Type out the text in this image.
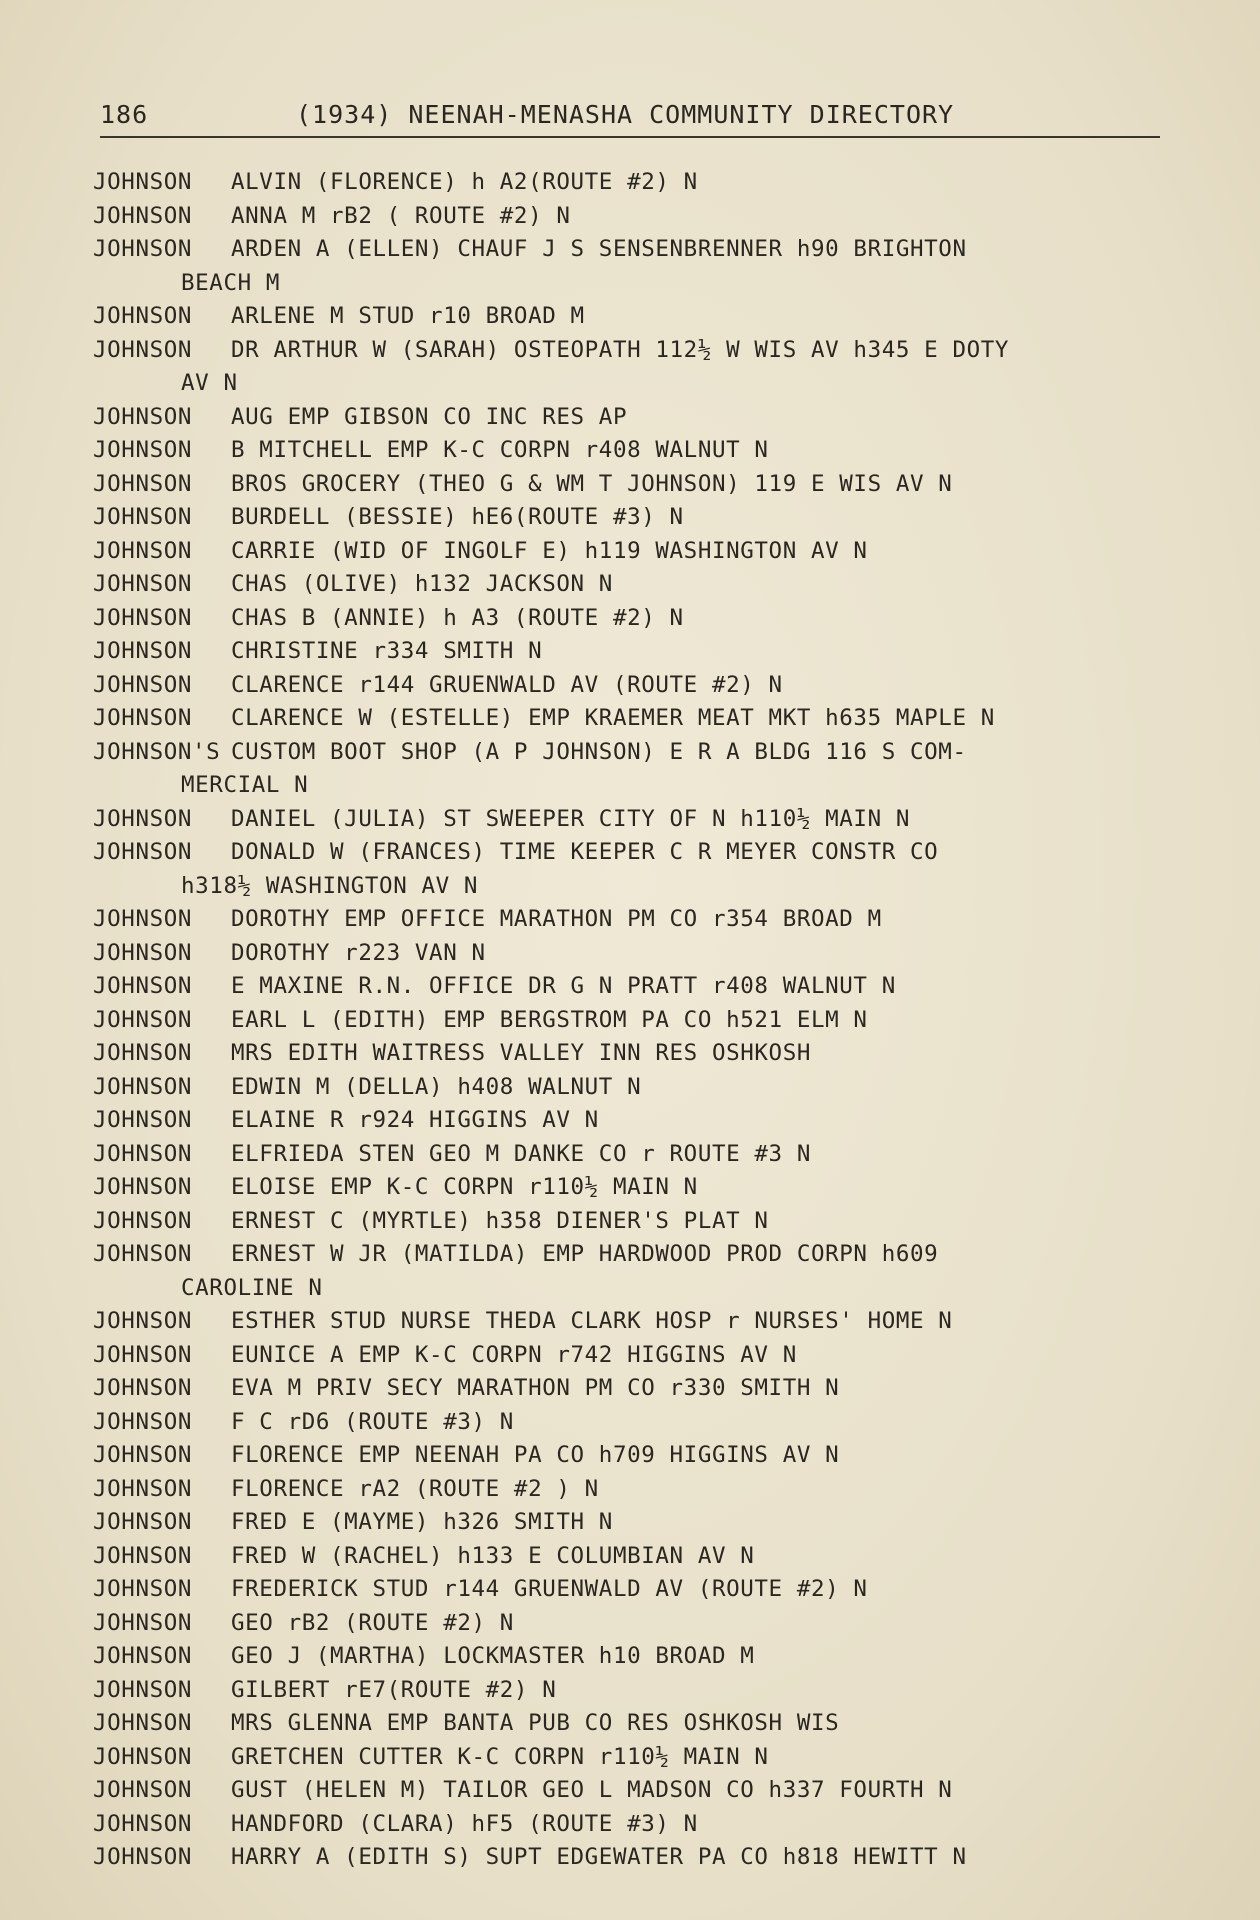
186	(1934) NEENAH-MENASHA COMMUNITY DIRECTORY
JOHNSON ALVIN (FLORENCE) h A2(ROUTE #2) N
JOHNSON ANNA M rB2 ( ROUTE #2) N
JOHNSON ARDEN A (ELLEN) CHAUF J S SENSENBRENNER h90 BRIGHTON
BEACH M
JOHNSON ARLENE M STUD r10 BROAD M
JOHNSON DR ARTHUR W (SARAH) OSTEOPATH 112½ W WIS AV h345 E DOTY
AV N
JOHNSON AUG EMP GIBSON CO INC RES AP
JOHNSON B MITCHELL EMP K-C CORPN r408 WALNUT N
JOHNSON BROS GROCERY (THEO G & WM T JOHNSON) 119 E WIS AV N
JOHNSON BURDELL (BESSIE) hE6(ROUTE #3) N
JOHNSON CARRIE (WID OF INGOLF E) h119 WASHINGTON AV N
JOHNSON CHAS (OLIVE) h132 JACKSON N
JOHNSON CHAS B (ANNIE) h A3 (ROUTE #2) N
JOHNSON CHRISTINE r334 SMITH N
JOHNSON CLARENCE r144 GRUENWALD AV (ROUTE #2) N
JOHNSON CLARENCE W (ESTELLE) EMP KRAEMER MEAT MKT h635 MAPLE N
JOHNSON'S CUSTOM BOOT SHOP (A P JOHNSON) E R A BLDG 116 S COM-
MERCIAL N
JOHNSON DANIEL (JULIA) ST SWEEPER CITY OF N h110½ MAIN N
JOHNSON DONALD W (FRANCES) TIME KEEPER C R MEYER CONSTR CO
h318½ WASHINGTON AV N
JOHNSON DOROTHY EMP OFFICE MARATHON PM CO r354 BROAD M
JOHNSON DOROTHY r223 VAN N
JOHNSON E MAXINE R.N. OFFICE DR G N PRATT r408 WALNUT N
JOHNSON EARL L (EDITH) EMP BERGSTROM PA CO h521 ELM N
JOHNSON MRS EDITH WAITRESS VALLEY INN RES OSHKOSH
JOHNSON EDWIN M (DELLA) h408 WALNUT N
JOHNSON ELAINE R r924 HIGGINS AV N
JOHNSON ELFRIEDA STEN GEO M DANKE CO r ROUTE #3 N
JOHNSON ELOISE EMP K-C CORPN r110½ MAIN N
JOHNSON ERNEST C (MYRTLE) h358 DIENER'S PLAT N
JOHNSON ERNEST W JR (MATILDA) EMP HARDWOOD PROD CORPN h609
CAROLINE N
JOHNSON ESTHER STUD NURSE THEDA CLARK HOSP r NURSES' HOME N
JOHNSON EUNICE A EMP K-C CORPN r742 HIGGINS AV N
JOHNSON EVA M PRIV SECY MARATHON PM CO r330 SMITH N
JOHNSON F C rD6 (ROUTE #3) N
JOHNSON FLORENCE EMP NEENAH PA CO h709 HIGGINS AV N
JOHNSON FLORENCE rA2 (ROUTE #2 ) N
JOHNSON FRED E (MAYME) h326 SMITH N
JOHNSON FRED W (RACHEL) h133 E COLUMBIAN AV N
JOHNSON FREDERICK STUD r144 GRUENWALD AV (ROUTE #2) N
JOHNSON GEO rB2 (ROUTE #2) N
JOHNSON GEO J (MARTHA) LOCKMASTER h10 BROAD M
JOHNSON GILBERT rE7(ROUTE #2) N
JOHNSON MRS GLENNA EMP BANTA PUB CO RES OSHKOSH WIS
JOHNSON GRETCHEN CUTTER K-C CORPN r110½ MAIN N
JOHNSON GUST (HELEN M) TAILOR GEO L MADSON CO h337 FOURTH N
JOHNSON HANDFORD (CLARA) hF5 (ROUTE #3) N
JOHNSON HARRY A (EDITH S) SUPT EDGEWATER PA CO h818 HEWITT N
